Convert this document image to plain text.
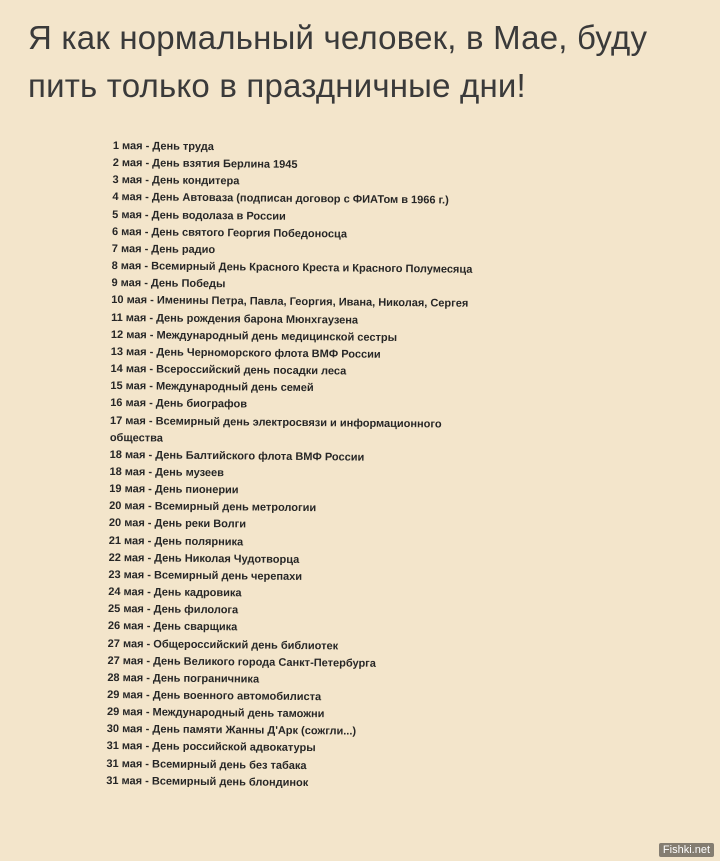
Я как нормальный человек, в Мае, буду
пить только в праздничные дни!
1 мая - День труда
2 мая - День взятия Берлина 1945
3 мая - День кондитера
4 мая - День Автоваза (подписан договор с ФИАТом в 1966 г.)
5 мая - День водолаза в России
6 мая - День святого Георгия Победоносца
7 мая - День радио
8 мая - Всемирный День Красного Креста и Красного Полумесяца
9 мая - День Победы
10 мая - Именины Петра, Павла, Георгия, Ивана, Николая, Сергея
11 мая - День рождения барона Мюнхгаузена
12 мая - Международный день медицинской сестры
13 мая - День Черноморского флота ВМФ России
14 мая - Всероссийский день посадки леса
15 мая - Международный день семей
16 мая - День биографов
17 мая - Всемирный день электросвязи и информационного
общества
18 мая - День Балтийского флота ВМФ России
18 мая - День музеев
19 мая - День пионерии
20 мая - Всемирный день метрологии
20 мая - День реки Волги
21 мая - День полярника
22 мая - День Николая Чудотворца
23 мая - Всемирный день черепахи
24 мая - День кадровика
25 мая - День филолога
26 мая - День сварщика
27 мая - Общероссийский день библиотек
27 мая - День Великого города Санкт-Петербурга
28 мая - День пограничника
29 мая - День военного автомобилиста
29 мая - Международный день таможни
30 мая - День памяти Жанны Д'Арк (сожгли...)
31 мая - День российской адвокатуры
31 мая - Всемирный день без табака
31 мая - Всемирный день блондинок
Fishki.net
